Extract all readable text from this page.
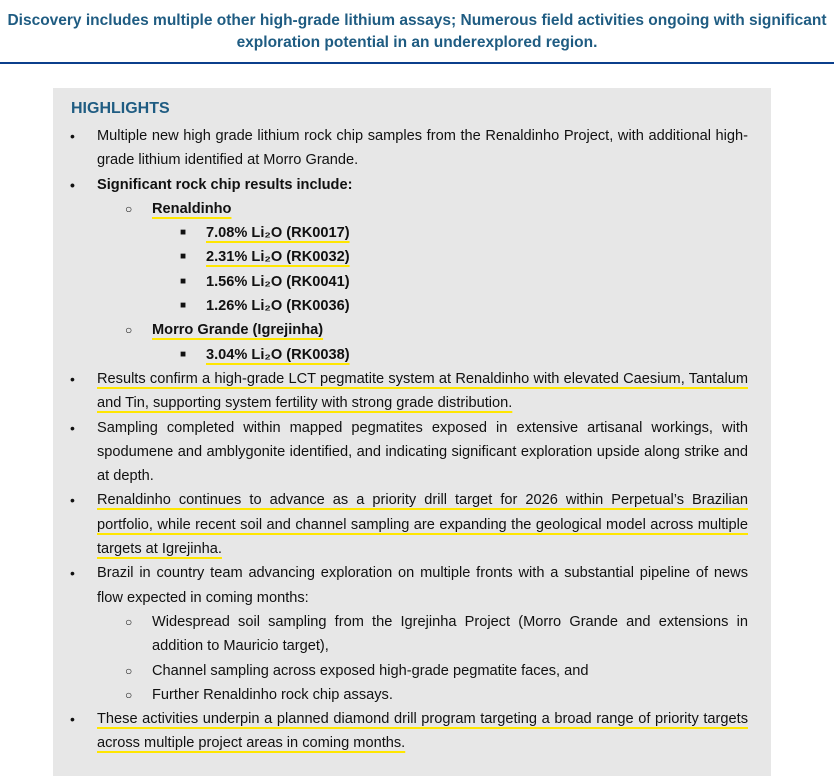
Discovery includes multiple other high-grade lithium assays; Numerous field activities ongoing with significant exploration potential in an underexplored region.
HIGHLIGHTS
• Multiple new high grade lithium rock chip samples from the Renaldinho Project, with additional high-grade lithium identified at Morro Grande.
• Significant rock chip results include:
○ Renaldinho
■ 7.08% Li₂O (RK0017)
■ 2.31% Li₂O (RK0032)
■ 1.56% Li₂O (RK0041)
■ 1.26% Li₂O (RK0036)
○ Morro Grande (Igrejinha)
■ 3.04% Li₂O (RK0038)
• Results confirm a high-grade LCT pegmatite system at Renaldinho with elevated Caesium, Tantalum and Tin, supporting system fertility with strong grade distribution.
• Sampling completed within mapped pegmatites exposed in extensive artisanal workings, with spodumene and amblygonite identified, and indicating significant exploration upside along strike and at depth.
• Renaldinho continues to advance as a priority drill target for 2026 within Perpetual’s Brazilian portfolio, while recent soil and channel sampling are expanding the geological model across multiple targets at Igrejinha.
• Brazil in country team advancing exploration on multiple fronts with a substantial pipeline of news flow expected in coming months:
○ Widespread soil sampling from the Igrejinha Project (Morro Grande and extensions in addition to Mauricio target),
○ Channel sampling across exposed high-grade pegmatite faces, and
○ Further Renaldinho rock chip assays.
• These activities underpin a planned diamond drill program targeting a broad range of priority targets across multiple project areas in coming months.
